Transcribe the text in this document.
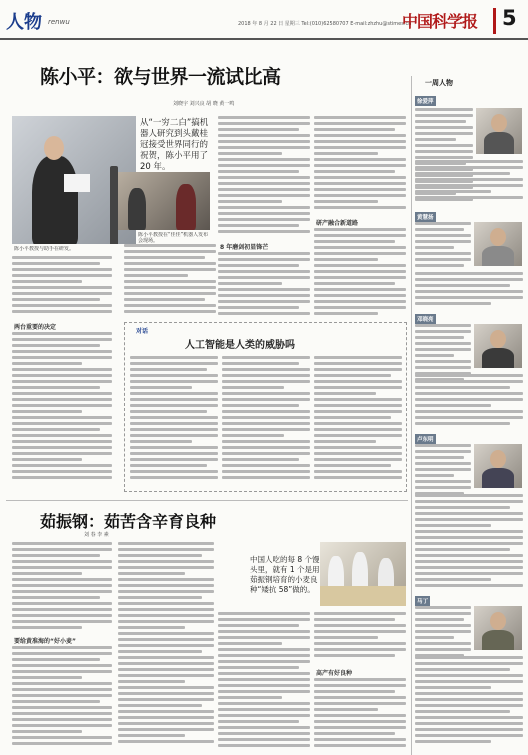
人物 renwu	2018 年 8 月 22 日 星期三 Tel:(010)62580707 E-mail:zhzhu@stimes.cn
中国科学报 5
陈小平：欲与世界一流试比高
刘晓宇 刘兴良 胡 晓 黄一鸣
从“一穷二白”搞机器人研究到头戴桂冠接受世界同行的祝贺，陈小平用了 20 年。
陈小平教授在“佳佳”机器人发布会现场。
陈小平教授与助手在研发。
两台重要的决定
8 年磨剑初显锋芒
研产融合新道路
对话
人工智能是人类的威胁吗
茹振钢：茹苦含辛育良种
刘 春 李 素
要给黄准海的“好小麦”
中国人吃的每 8 个馒头里，就有 1 个是用茹振钢培育的小麦良种“矮抗 58”做的。
高产有好良种
一周人物
徐爱萍
黄慧扬
邓晓亮
卢东明
马丁
